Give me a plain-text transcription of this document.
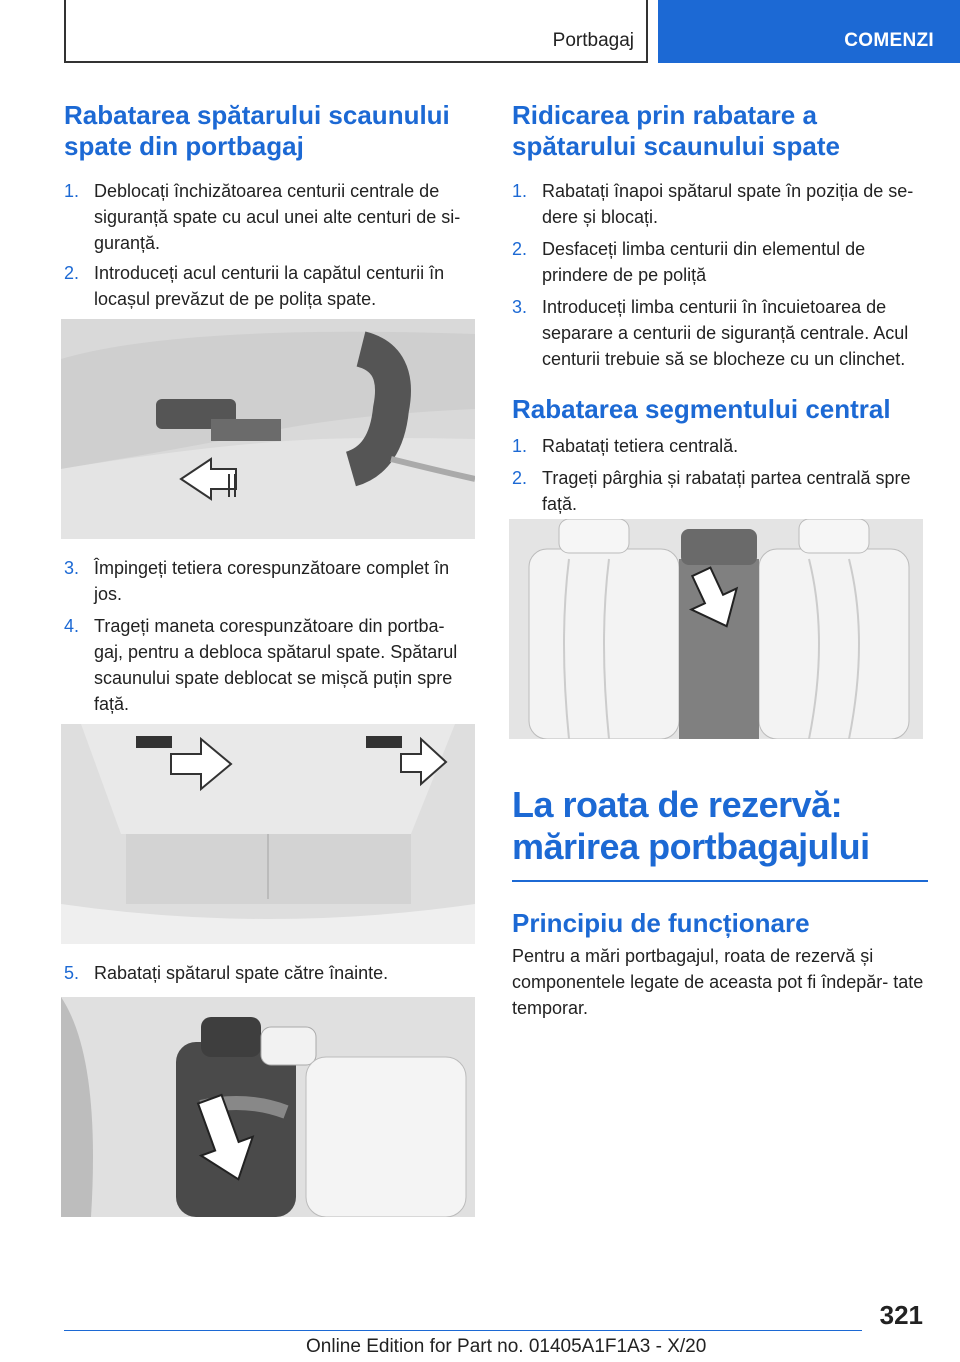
Portbagaj	COMENZI
Rabatarea spătarului scaunului spate din portbagaj
1. Deblocați închizătoarea centurii centrale de siguranță spate cu acul unei alte centuri de si‐ guranță.
2. Introduceți acul centurii la capătul centurii în locașul prevăzut de pe polița spate.
3. Împingeți tetiera corespunzătoare complet în jos.
4. Trageți maneta corespunzătoare din portba‐ gaj, pentru a debloca spătarul spate. Spătarul scaunului spate deblocat se mișcă puțin spre față.
5. Rabatați spătarul spate către înainte.
Ridicarea prin rabatare a spătarului scaunului spate
1. Rabatați înapoi spătarul spate în poziția de se‐ dere și blocați.
2. Desfaceți limba centurii din elementul de prindere de pe poliță
3. Introduceți limba centurii în încuietoarea de separare a centurii de siguranță centrale. Acul centurii trebuie să se blocheze cu un clinchet.
Rabatarea segmentului central
1. Rabatați tetiera centrală.
2. Trageți pârghia și rabatați partea centrală spre față.
La roata de rezervă: mărirea portbagajului
Principiu de funcționare
Pentru a mări portbagajul, roata de rezervă și componentele legate de aceasta pot fi îndepăr‐ tate temporar.
321
Online Edition for Part no. 01405A1F1A3 - X/20
